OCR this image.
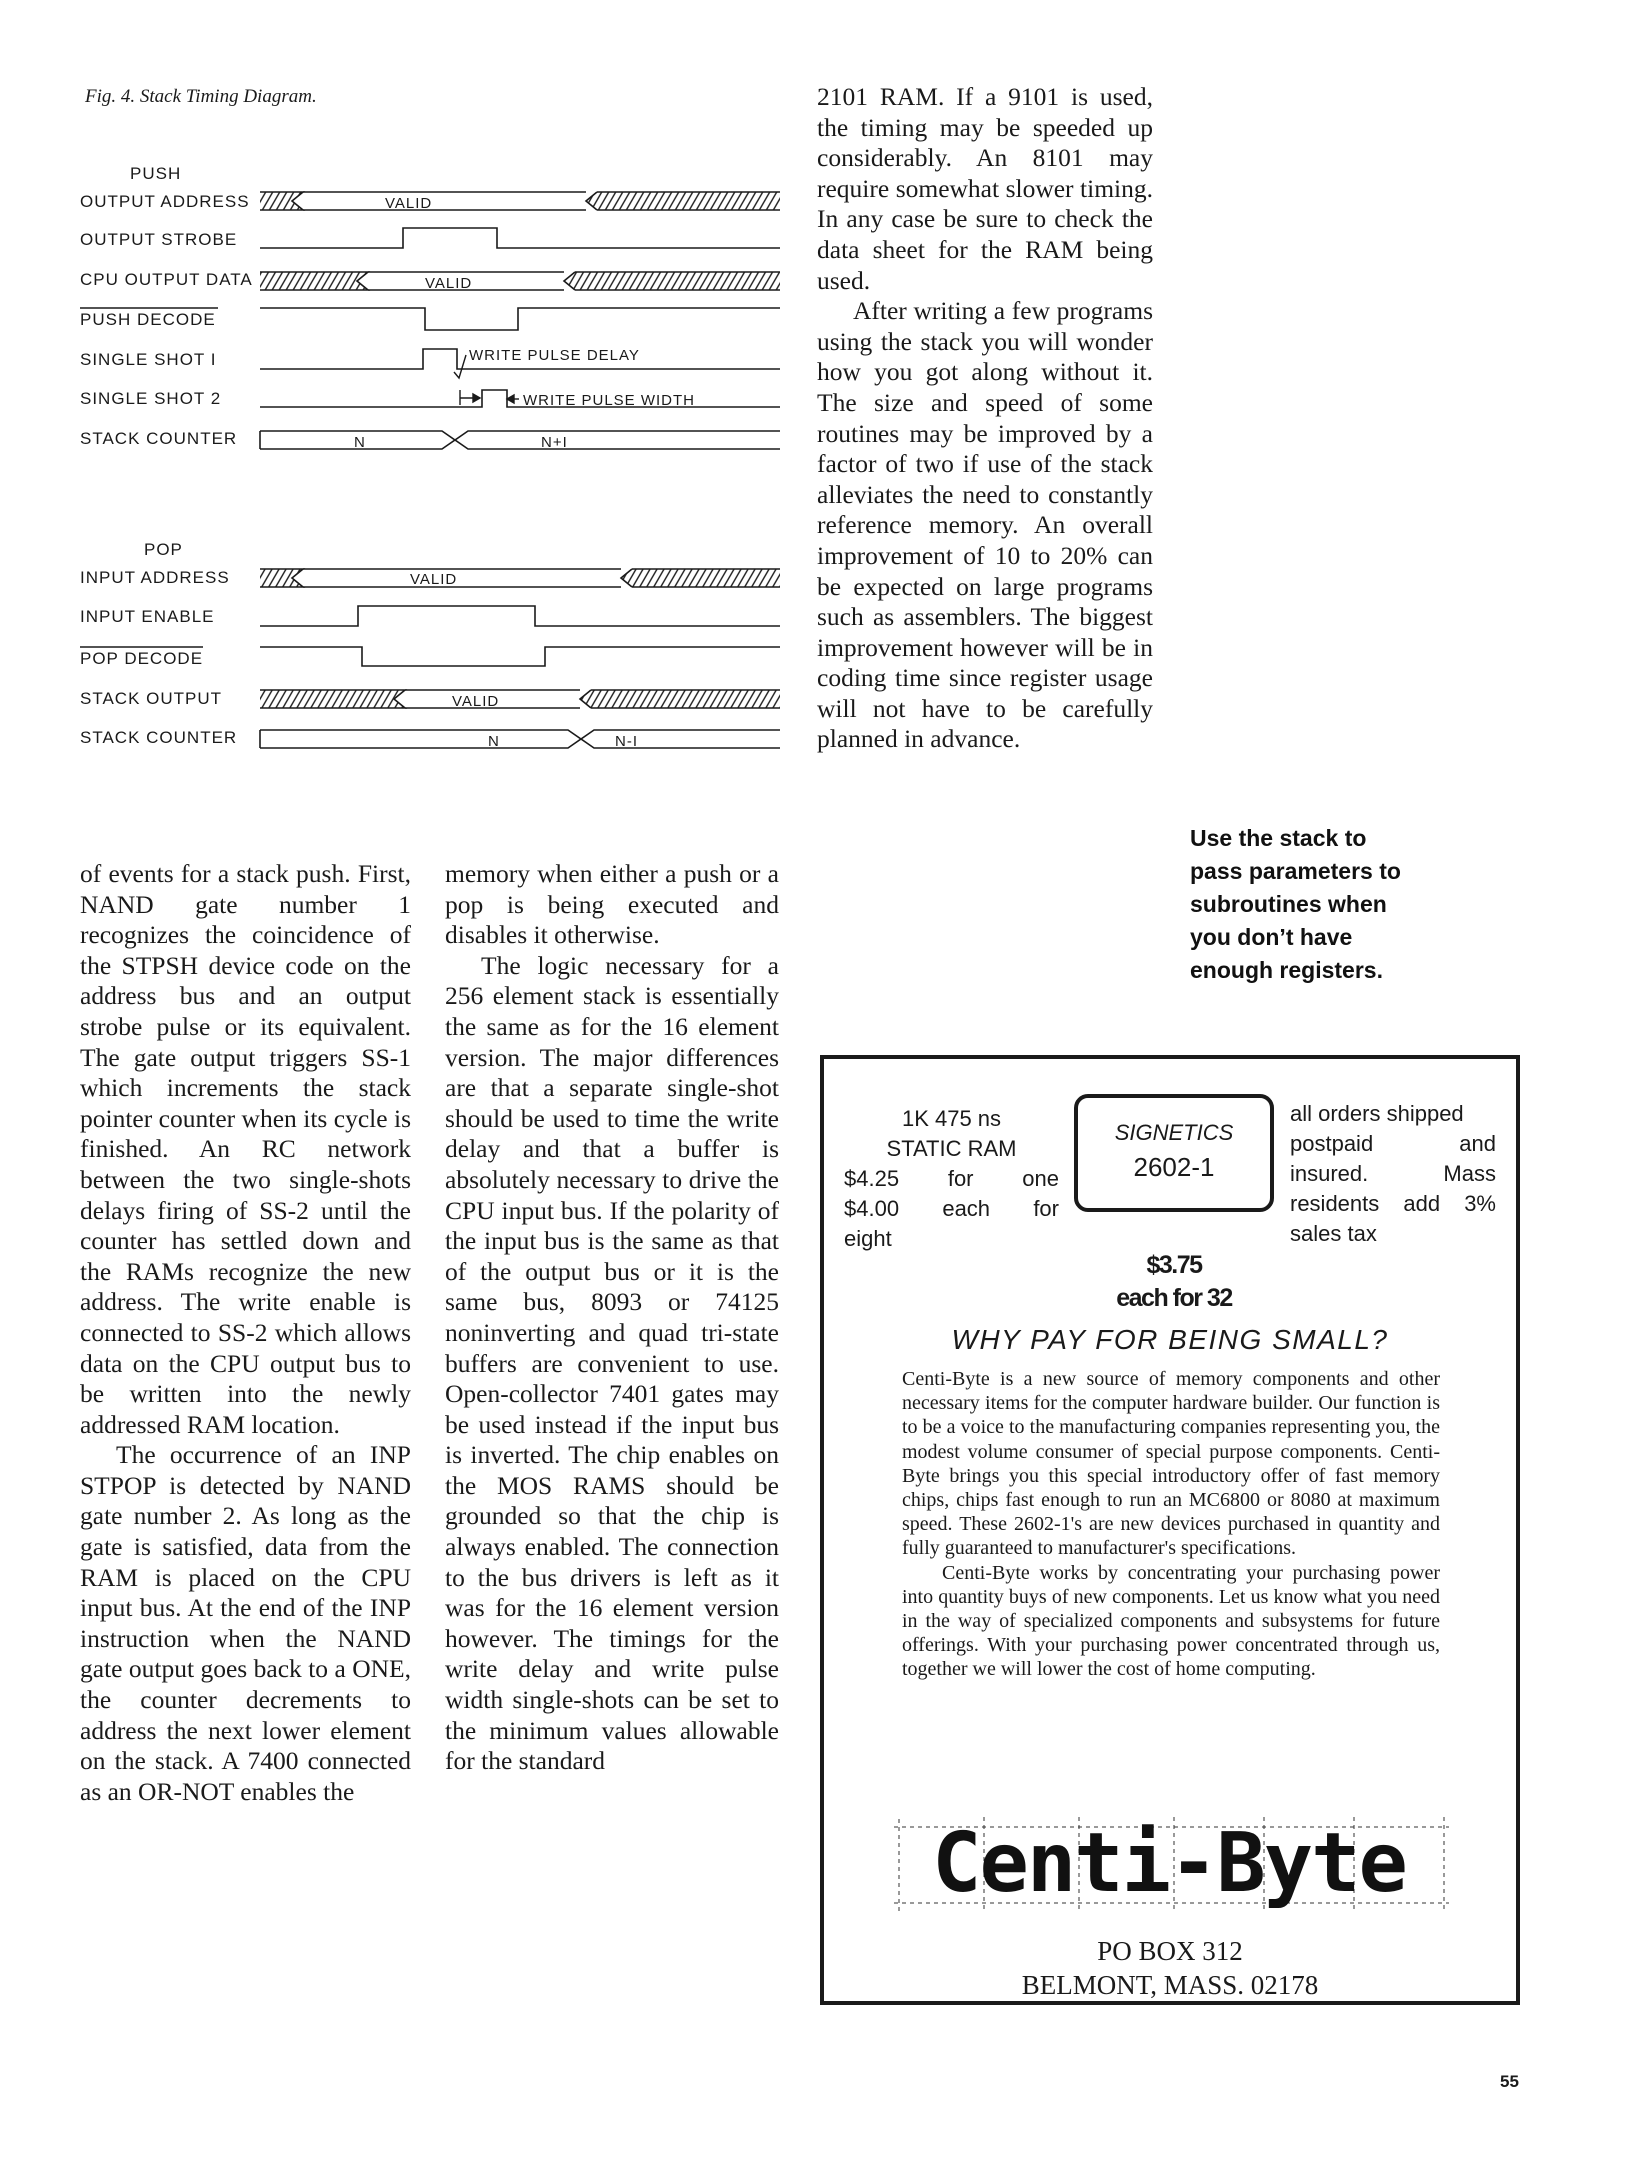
Fig. 4. Stack Timing Diagram.
PUSH
OUTPUT ADDRESS	VALID
OUTPUT STROBE
CPU OUTPUT DATA	VALID
PUSH DECODE
SINGLE SHOT I	WRITE PULSE DELAY
SINGLE SHOT 2	WRITE PULSE WIDTH
STACK COUNTER	N	N+I
POP
INPUT ADDRESS	VALID
INPUT ENABLE
POP DECODE
STACK OUTPUT	VALID
STACK COUNTER	N	N-I

2101 RAM. If a 9101 is used, the timing may be speeded up considerably. An 8101 may require somewhat slower timing. In any case be sure to check the data sheet for the RAM being used.

After writing a few programs using the stack you will wonder how you got along without it. The size and speed of some routines may be improved by a factor of two if use of the stack alleviates the need to constantly reference memory. An overall improvement of 10 to 20% can be expected on large programs such as assemblers. The biggest improvement however will be in coding time since register usage will not have to be carefully planned in advance.

Use the stack to pass parameters to subroutines when you don’t have enough registers.

of events for a stack push. First, NAND gate number 1 recognizes the coincidence of the STPSH device code on the address bus and an output strobe pulse or its equivalent. The gate output triggers SS-1 which increments the stack pointer counter when its cycle is finished. An RC network between the two single-shots delays firing of SS-2 until the counter has settled down and the RAMs recognize the new address. The write enable is connected to SS-2 which allows data on the CPU output bus to be written into the newly addressed RAM location.

The occurrence of an INP STPOP is detected by NAND gate number 2. As long as the gate is satisfied, data from the RAM is placed on the CPU input bus. At the end of the INP instruction when the NAND gate output goes back to a ONE, the counter decrements to address the next lower element on the stack. A 7400 connected as an OR-NOT enables the

memory when either a push or a pop is being executed and disables it otherwise.

The logic necessary for a 256 element stack is essentially the same as for the 16 element version. The major differences are that a separate single-shot should be used to time the write delay and that a buffer is absolutely necessary to drive the CPU input bus. If the polarity of the input bus is the same as that of the output bus or it is the same bus, 8093 or 74125 noninverting and quad tri-state buffers are convenient to use. Open-collector 7401 gates may be used instead if the input bus is inverted. The chip enables on the MOS RAMS should be grounded so that the chip is always enabled. The connection to the bus drivers is left as it was for the 16 element version however. The timings for the write delay and write pulse width single-shots can be set to the minimum values allowable for the standard

1K 475 ns
STATIC RAM
$4.25 for one
$4.00 each for
eight
SIGNETICS
2602-1
all orders shipped
postpaid and
insured. Mass
residents add 3%
sales tax
$3.75
each for 32
WHY PAY FOR BEING SMALL?

Centi-Byte is a new source of memory components and other necessary items for the computer hardware builder. Our function is to be a voice to the manufacturing companies representing you, the modest volume consumer of special purpose components. Centi-Byte brings you this special introductory offer of fast memory chips, chips fast enough to run an MC6800 or 8080 at maximum speed. These 2602-1's are new devices purchased in quantity and fully guaranteed to manufacturer's specifications.

Centi-Byte works by concentrating your purchasing power into quantity buys of new components. Let us know what you need in the way of specialized components and subsystems for future offerings. With your purchasing power concentrated through us, together we will lower the cost of home computing.

Centi-Byte
PO BOX 312
BELMONT, MASS. 02178
55
